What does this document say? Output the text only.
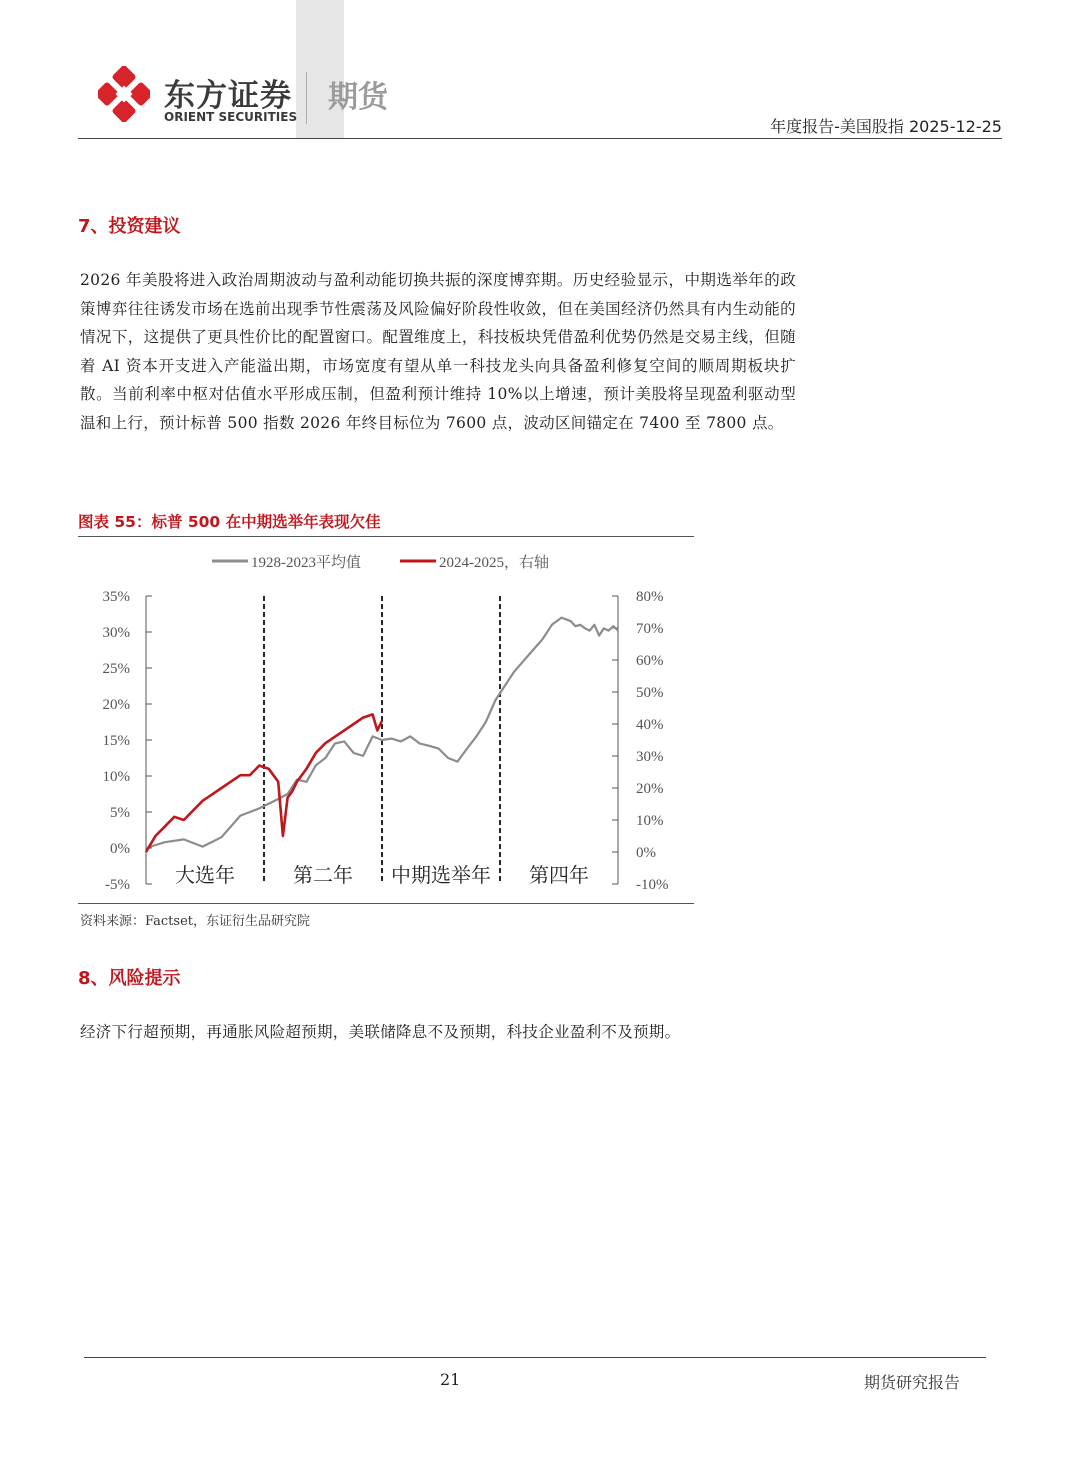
东方证券
ORIENT SECURITIES
期货
年度报告-美国股指 2025-12-25
7、投资建议
2026 年美股将进入政治周期波动与盈利动能切换共振的深度博弈期。历史经验显示，中期选举年的政策博弈往往诱发市场在选前出现季节性震荡及风险偏好阶段性收敛，但在美国经济仍然具有内生动能的情况下，这提供了更具性价比的配置窗口。配置维度上，科技板块凭借盈利优势仍然是交易主线，但随着 AI 资本开支进入产能溢出期，市场宽度有望从单一科技龙头向具备盈利修复空间的顺周期板块扩散。当前利率中枢对估值水平形成压制，但盈利预计维持 10%以上增速，预计美股将呈现盈利驱动型温和上行，预计标普 500 指数 2026 年终目标位为 7600 点，波动区间锚定在 7400 至 7800 点。
图表 55：标普 500 在中期选举年表现欠佳
1928-2023平均值	2024-2025，右轴
-5%
0%
5%
10%
15%
20%
25%
30%
35%
-10%
0%
10%
20%
30%
40%
50%
60%
70%
80%
大选年	第二年 中期选举年 第四年
资料来源：Factset，东证衍生品研究院
8、风险提示
经济下行超预期，再通胀风险超预期，美联储降息不及预期，科技企业盈利不及预期。
21	期货研究报告
